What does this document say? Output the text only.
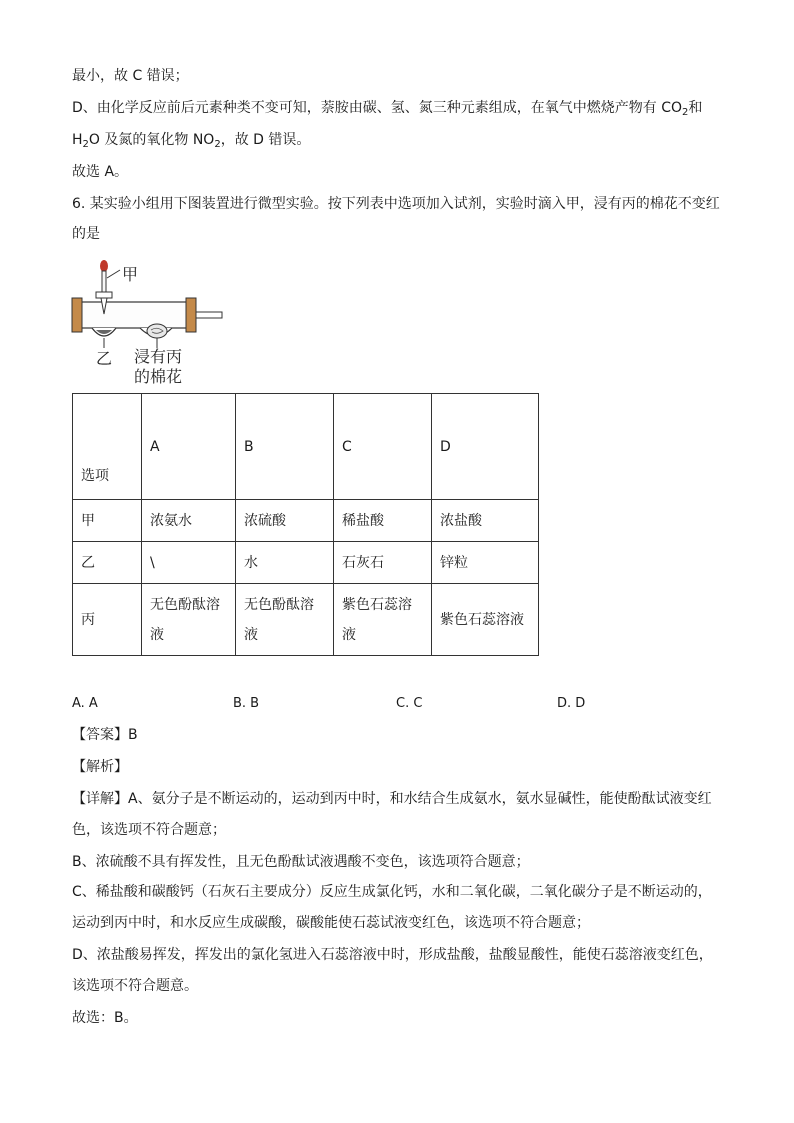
最小，故 C 错误；
D、由化学反应前后元素种类不变可知，萘胺由碳、氢、氮三种元素组成，在氧气中燃烧产物有 $CO_2$和
$H_2O$ 及氮的氧化物 $NO_2$，故 D 错误。
故选 A。
6. 某实验小组用下图装置进行微型实验。按下列表中选项加入试剂，实验时滴入甲，浸有丙的棉花不变红
的是
甲
乙 浸有丙
的棉花
选项	A	B	C	D
甲	浓氨水	浓硫酸	稀盐酸	浓盐酸
乙	\	水	石灰石	锌粒
丙	无色酚酞溶液	无色酚酞溶液	紫色石蕊溶液	紫色石蕊溶液
A. A	B. B	C. C	D. D
【答案】B
【解析】
【详解】A、氨分子是不断运动的，运动到丙中时，和水结合生成氨水，氨水显碱性，能使酚酞试液变红
色，该选项不符合题意；
B、浓硫酸不具有挥发性，且无色酚酞试液遇酸不变色，该选项符合题意；
C、稀盐酸和碳酸钙（石灰石主要成分）反应生成氯化钙，水和二氧化碳，二氧化碳分子是不断运动的，
运动到丙中时，和水反应生成碳酸，碳酸能使石蕊试液变红色，该选项不符合题意；
D、浓盐酸易挥发，挥发出的氯化氢进入石蕊溶液中时，形成盐酸，盐酸显酸性，能使石蕊溶液变红色，
该选项不符合题意。
故选：B。
